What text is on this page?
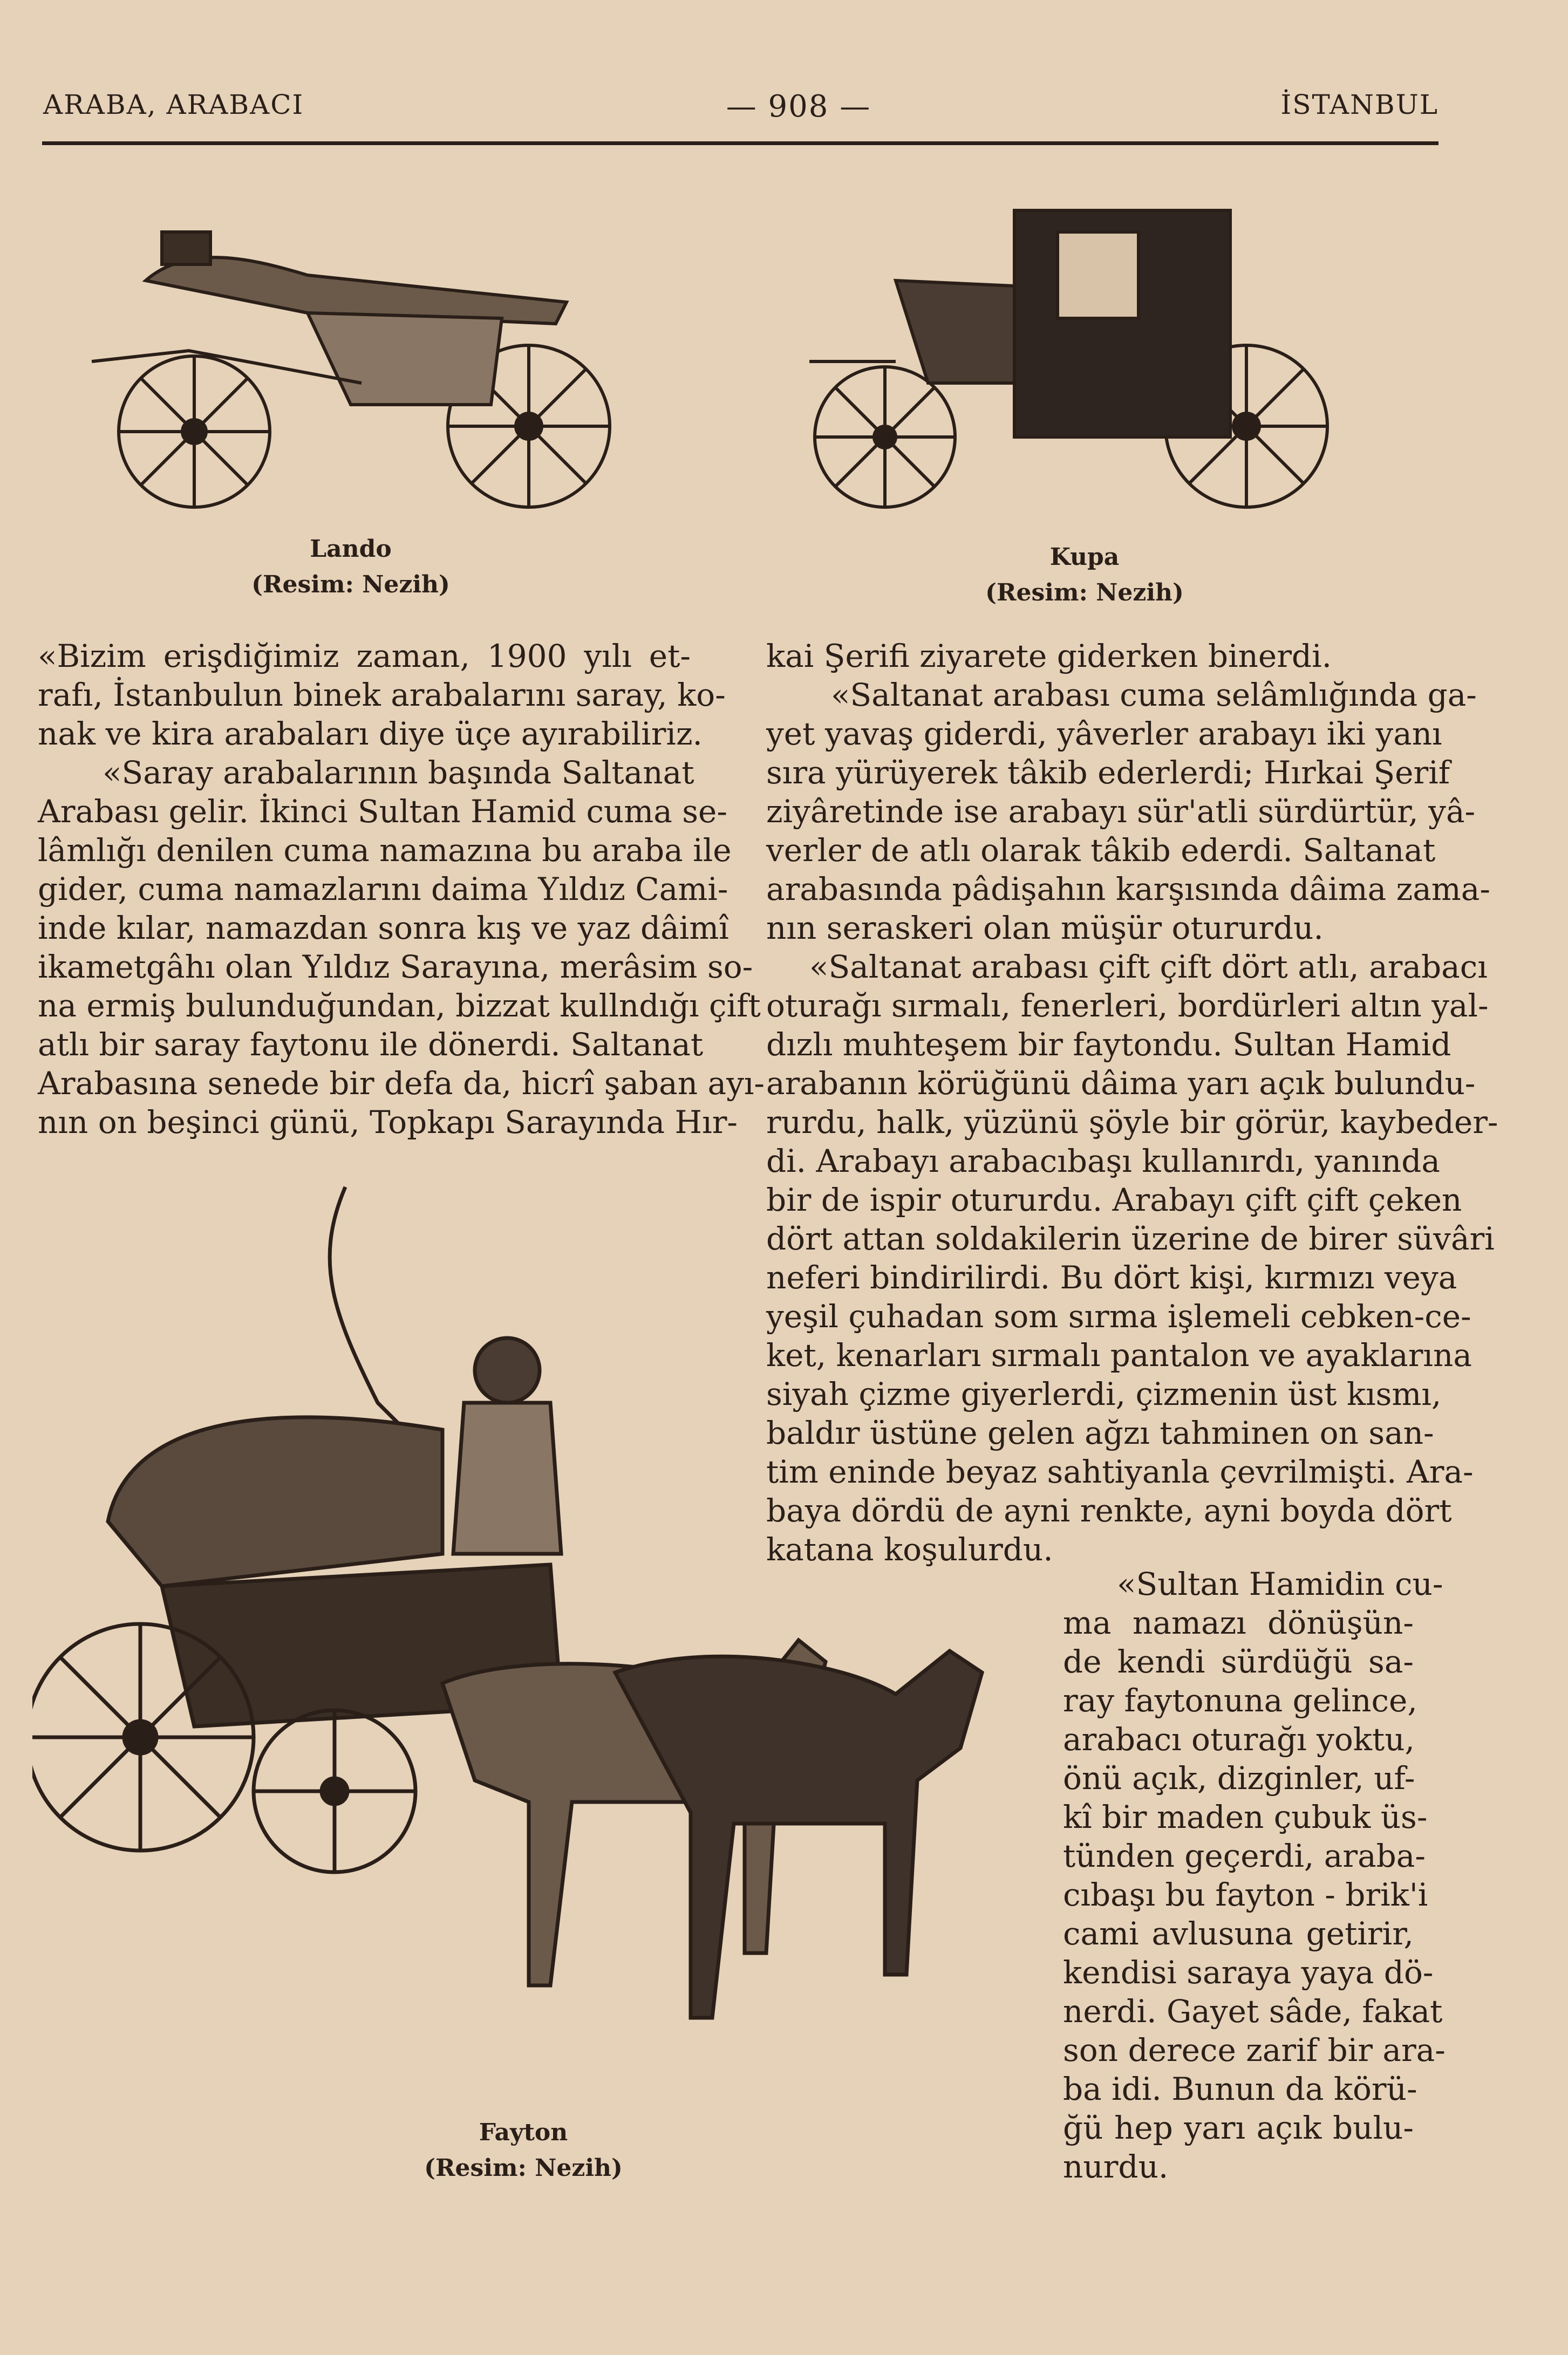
ARABA, ARABACI	— 908 —	İSTANBUL
Lando
(Resim: Nezih)
Kupa
(Resim: Nezih)
«Bizim erişdiğimiz zaman, 1900 yılı et-
rafı, İstanbulun binek arabalarını saray, ko-
nak ve kira arabaları diye üçe ayırabiliriz.
«Saray arabalarının başında Saltanat
Arabası gelir. İkinci Sultan Hamid cuma se-
lâmlığı denilen cuma namazına bu araba ile
gider, cuma namazlarını daima Yıldız Cami-
inde kılar, namazdan sonra kış ve yaz dâimî
ikametgâhı olan Yıldız Sarayına, merâsim so-
na ermiş bulunduğundan, bizzat kullndığı çift
atlı bir saray faytonu ile dönerdi. Saltanat
Arabasına senede bir defa da, hicrî şaban ayı-
nın on beşinci günü, Topkapı Sarayında Hır-
kai Şerifi ziyarete giderken binerdi.
«Saltanat arabası cuma selâmlığında ga-
yet yavaş giderdi, yâverler arabayı iki yanı
sıra yürüyerek tâkib ederlerdi; Hırkai Şerif
ziyâretinde ise arabayı sür'atli sürdürtür, yâ-
verler de atlı olarak tâkib ederdi. Saltanat
arabasında pâdişahın karşısında dâima zama-
nın seraskeri olan müşür otururdu.
«Saltanat arabası çift çift dört atlı, arabacı
oturağı sırmalı, fenerleri, bordürleri altın yal-
dızlı muhteşem bir faytondu. Sultan Hamid
arabanın körüğünü dâima yarı açık bulundu-
rurdu, halk, yüzünü şöyle bir görür, kaybeder-
di. Arabayı arabacıbaşı kullanırdı, yanında
bir de ispir otururdu. Arabayı çift çift çeken
dört attan soldakilerin üzerine de birer süvâri
neferi bindirilirdi. Bu dört kişi, kırmızı veya
yeşil çuhadan som sırma işlemeli cebken-ce-
ket, kenarları sırmalı pantalon ve ayaklarına
siyah çizme giyerlerdi, çizmenin üst kısmı,
baldır üstüne gelen ağzı tahminen on san-
tim eninde beyaz sahtiyanla çevrilmişti. Ara-
baya dördü de ayni renkte, ayni boyda dört
katana koşulurdu.
Fayton
(Resim: Nezih)
«Sultan Hamidin cu-
ma namazı dönüşün-
de kendi sürdüğü sa-
ray faytonuna gelince,
arabacı oturağı yoktu,
önü açık, dizginler, uf-
kî bir maden çubuk üs-
tünden geçerdi, araba-
cıbaşı bu fayton - brik'i
cami avlusuna getirir,
kendisi saraya yaya dö-
nerdi. Gayet sâde, fakat
son derece zarif bir ara-
ba idi. Bunun da körü-
ğü hep yarı açık bulu-
nurdu.
